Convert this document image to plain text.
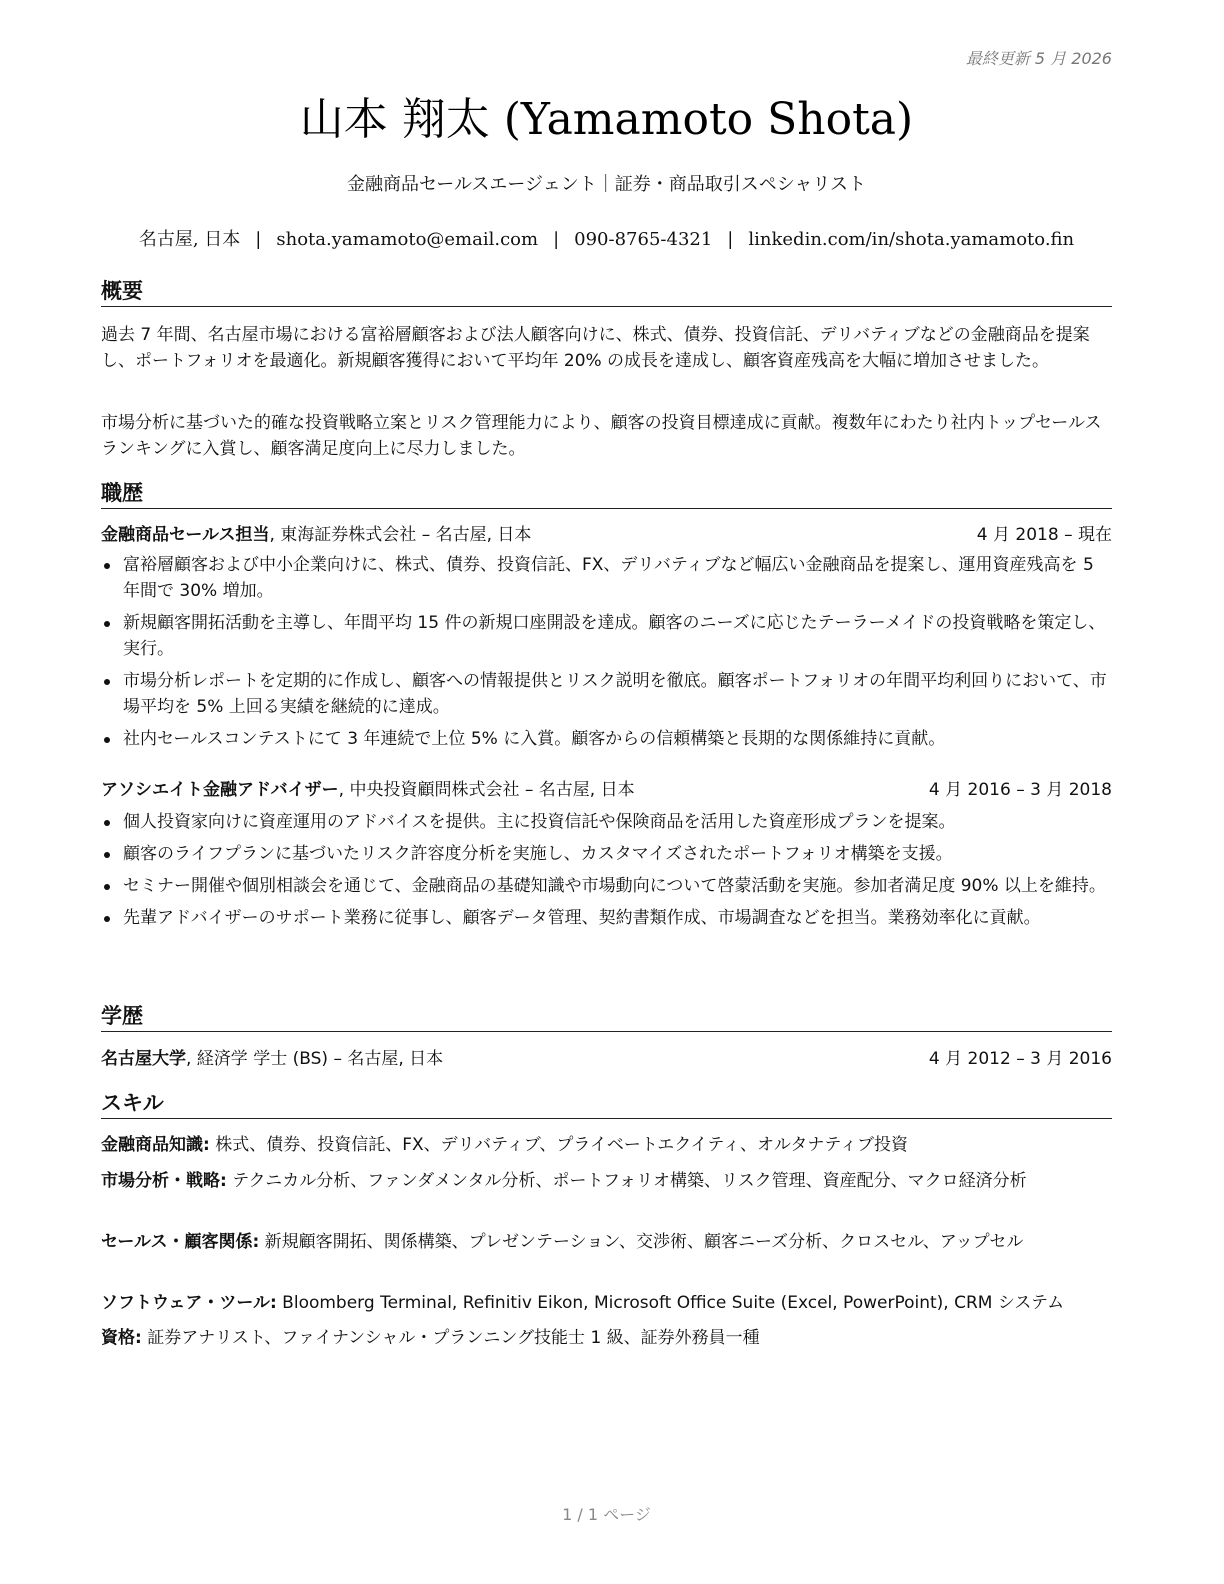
最終更新 5 月 2026
山本 翔太 (Yamamoto Shota)
金融商品セールスエージェント｜証券・商品取引スペシャリスト
名古屋, 日本 | shota.yamamoto@email.com | 090-8765-4321 | linkedin.com/in/shota.yamamoto.fin
概要
過去 7 年間、名古屋市場における富裕層顧客および法人顧客向けに、株式、債券、投資信託、デリバティブなどの金融商品を提案し、ポートフォリオを最適化。新規顧客獲得において平均年 20% の成長を達成し、顧客資産残高を大幅に増加させました。
市場分析に基づいた的確な投資戦略立案とリスク管理能力により、顧客の投資目標達成に貢献。複数年にわたり社内トップセールスランキングに入賞し、顧客満足度向上に尽力しました。
職歴
金融商品セールス担当, 東海証券株式会社 – 名古屋, 日本	4 月 2018 – 現在
富裕層顧客および中小企業向けに、株式、債券、投資信託、FX、デリバティブなど幅広い金融商品を提案し、運用資産残高を 5 年間で 30% 増加。
新規顧客開拓活動を主導し、年間平均 15 件の新規口座開設を達成。顧客のニーズに応じたテーラーメイドの投資戦略を策定し、実行。
市場分析レポートを定期的に作成し、顧客への情報提供とリスク説明を徹底。顧客ポートフォリオの年間平均利回りにおいて、市場平均を 5% 上回る実績を継続的に達成。
社内セールスコンテストにて 3 年連続で上位 5% に入賞。顧客からの信頼構築と長期的な関係維持に貢献。
アソシエイト金融アドバイザー, 中央投資顧問株式会社 – 名古屋, 日本	4 月 2016 – 3 月 2018
個人投資家向けに資産運用のアドバイスを提供。主に投資信託や保険商品を活用した資産形成プランを提案。
顧客のライフプランに基づいたリスク許容度分析を実施し、カスタマイズされたポートフォリオ構築を支援。
セミナー開催や個別相談会を通じて、金融商品の基礎知識や市場動向について啓蒙活動を実施。参加者満足度 90% 以上を維持。
先輩アドバイザーのサポート業務に従事し、顧客データ管理、契約書類作成、市場調査などを担当。業務効率化に貢献。
学歴
名古屋大学, 経済学 学士 (BS) – 名古屋, 日本	4 月 2012 – 3 月 2016
スキル
金融商品知識: 株式、債券、投資信託、FX、デリバティブ、プライベートエクイティ、オルタナティブ投資
市場分析・戦略: テクニカル分析、ファンダメンタル分析、ポートフォリオ構築、リスク管理、資産配分、マクロ経済分析
セールス・顧客関係: 新規顧客開拓、関係構築、プレゼンテーション、交渉術、顧客ニーズ分析、クロスセル、アップセル
ソフトウェア・ツール: Bloomberg Terminal, Refinitiv Eikon, Microsoft Office Suite (Excel, PowerPoint), CRM システム
資格: 証券アナリスト、ファイナンシャル・プランニング技能士 1 級、証券外務員一種
1 / 1 ページ
